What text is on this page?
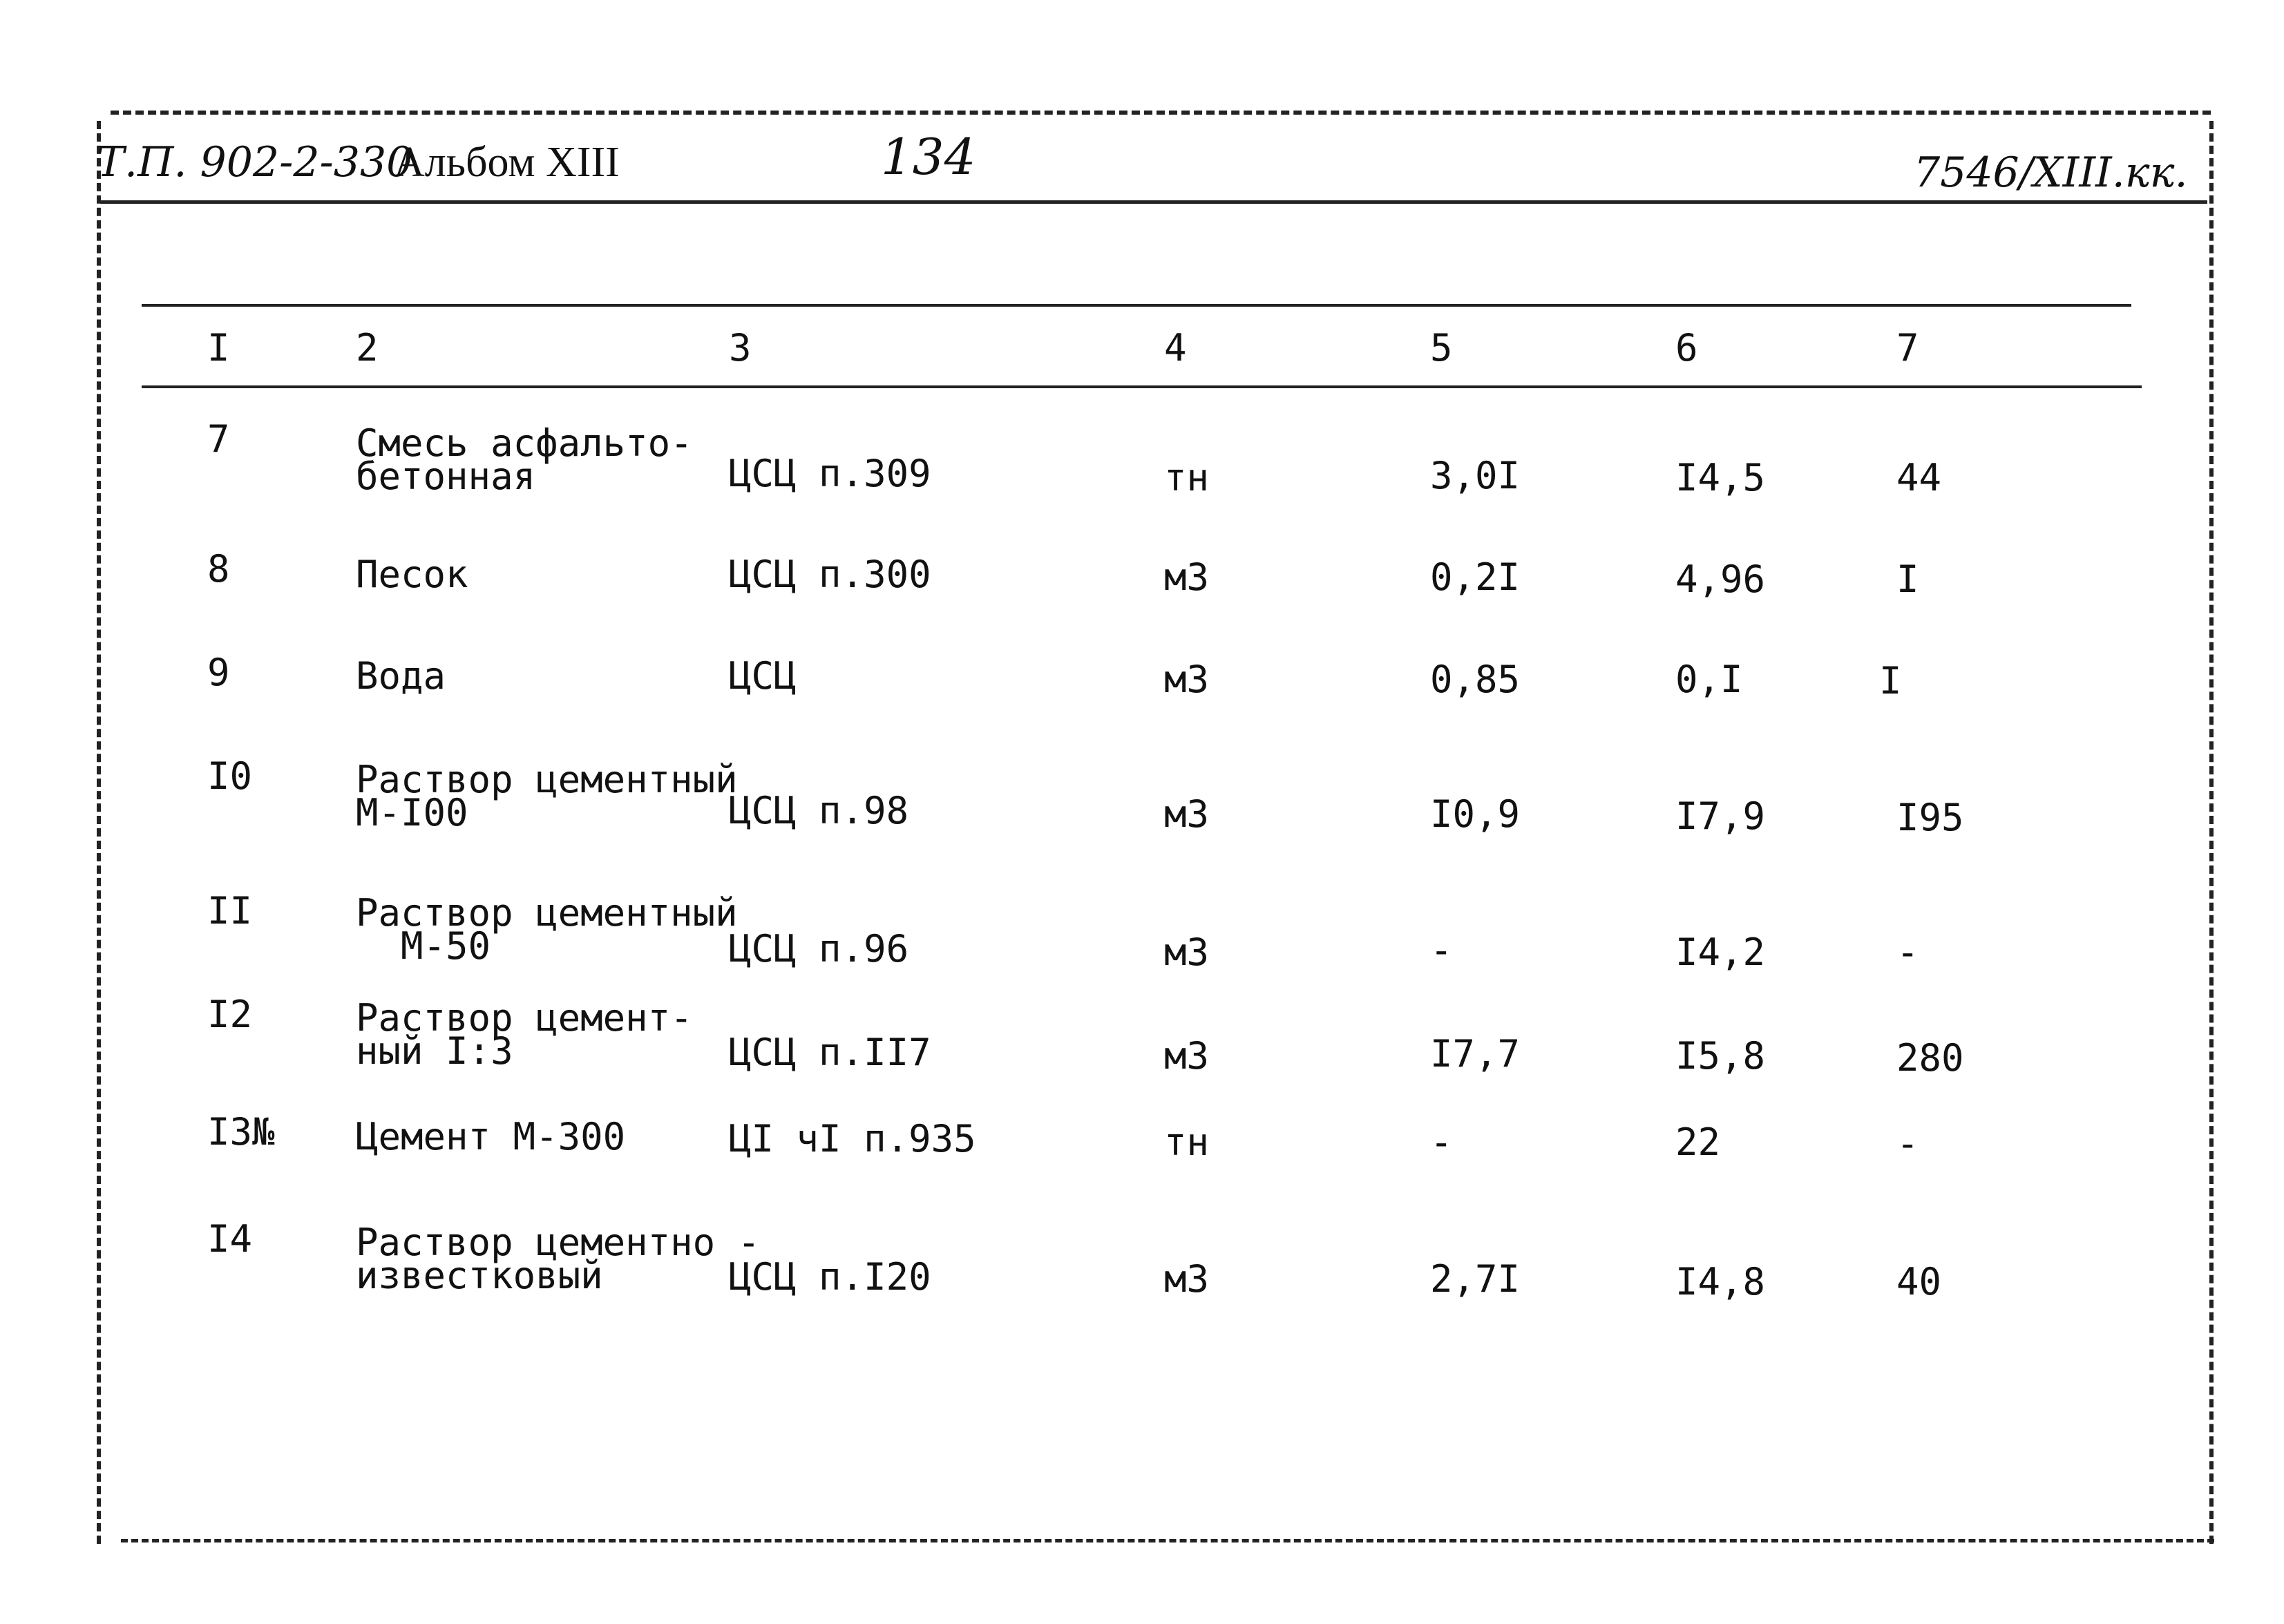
Т.П. 902-2-330
Альбом XIII	134	7546/XIII.кк.
I	2	3	4	5	6	7
7	Смесь асфальто-
бетонная	ЦСЦ п.309	тн	3,0I	I4,5	44
8	Песок	ЦСЦ п.300	м3	0,2I	4,96	I
9	Вода	ЦСЦ	м3	0,85	0,I	I
I0	Раствор цементный
М-I00	ЦСЦ п.98	м3	I0,9	I7,9	I95
II	Раствор цементный
М-50	ЦСЦ п.96	м3	-	I4,2	-
I2	Раствор цемент-
ный I:3	ЦСЦ п.II7	м3	I7,7	I5,8	280
I3№ Цемент М-300	ЦI чI п.935	тн	-	22	-
I4	Раствор цементно -
известковый	ЦСЦ п.I20	м3	2,7I	I4,8	40
